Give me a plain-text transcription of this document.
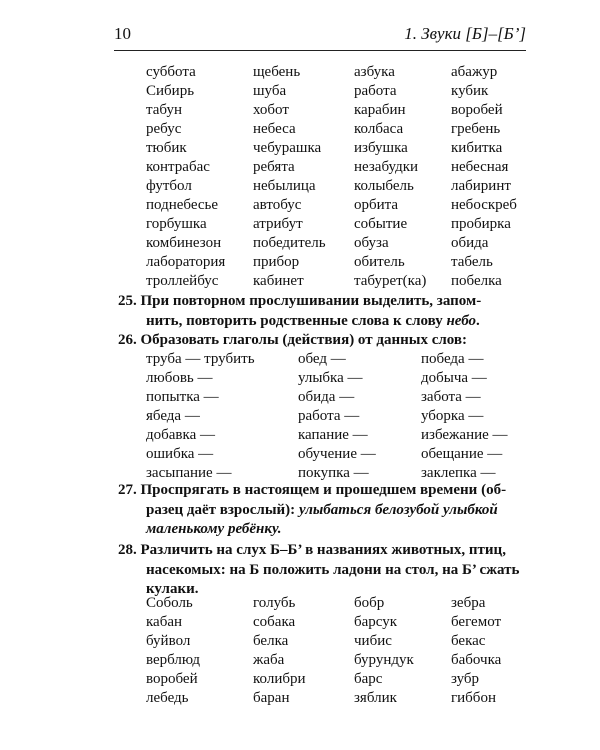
10	1. Звуки [Б]–[Б’]
суббота	щебень	азбука	абажур
Сибирь	шуба	работа	кубик
табун	хобот	карабин	воробей
ребус	небеса	колбаса	гребень
тюбик	чебурашка избушка	кибитка
контрабас	ребята	незабудки небесная
футбол	небылица	колыбель лабиринт
поднебесье автобус	орбита	небоскреб
горбушка	атрибут	событие	пробирка
комбинезон победитель обуза	обида
лаборатория прибор	обитель	табель
троллейбус кабинет	табурет(ка) побелка

25. При повторном прослушивании выделить, запом-

нить, повторить родственные слова к слову небо.

26. Образовать глаголы (действия) от данных слов:

труба — трубить	обед —	победа —
любовь —	улыбка —	добыча —
попытка —	обида —	забота —
ябеда —	работа —	уборка —
добавка —	капание —	избежание —
ошибка —	обучение —	обещание —
засыпание —	покупка —	заклепка —

27. Проспрягать в настоящем и прошедшем времени (об-

разец даёт взрослый): улыбаться белозубой улыбкой

маленькому ребёнку.

28. Различить на слух Б–Б’ в названиях животных, птиц,

насекомых: на Б положить ладони на стол, на Б’ сжать

кулаки.

Соболь	голубь	бобр	зебра
кабан	собака	барсук	бегемот
буйвол	белка	чибис	бекас
верблюд	жаба	бурундук бабочка
воробей	колибри	барс	зубр
лебедь	баран	зяблик	гиббон
